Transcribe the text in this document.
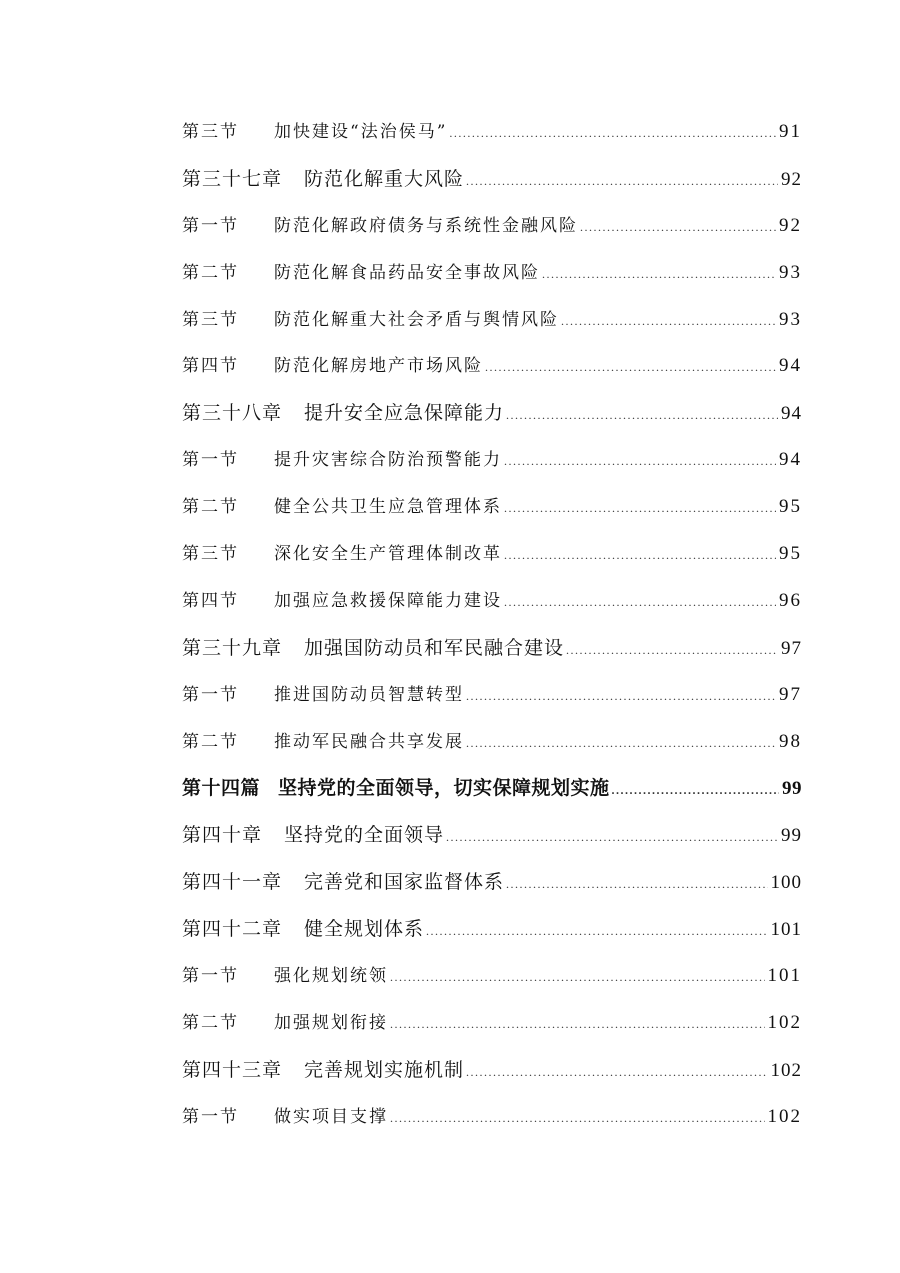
第三节	加快建设“法治侯马” .....	91
第三十七章	防范化解重大风险 .....	92
第一节	防范化解政府债务与系统性金融风险 .....	92
第二节	防范化解食品药品安全事故风险 .....	93
第三节	防范化解重大社会矛盾与舆情风险 .....	93
第四节	防范化解房地产市场风险 .....	94
第三十八章	提升安全应急保障能力 .....	94
第一节	提升灾害综合防治预警能力 .....	94
第二节	健全公共卫生应急管理体系 .....	95
第三节	深化安全生产管理体制改革 .....	95
第四节	加强应急救援保障能力建设 .....	96
第三十九章	加强国防动员和军民融合建设 .....	97
第一节	推进国防动员智慧转型 .....	97
第二节	推动军民融合共享发展 .....	98
第十四篇 坚持党的全面领导，切实保障规划实施 .....	99
第四十章	坚持党的全面领导 .....	99
第四十一章	完善党和国家监督体系 .....	100
第四十二章	健全规划体系 .....	101
第一节	强化规划统领 .....	101
第二节	加强规划衔接 .....	102
第四十三章	完善规划实施机制 .....	102
第一节	做实项目支撑 .....	102
